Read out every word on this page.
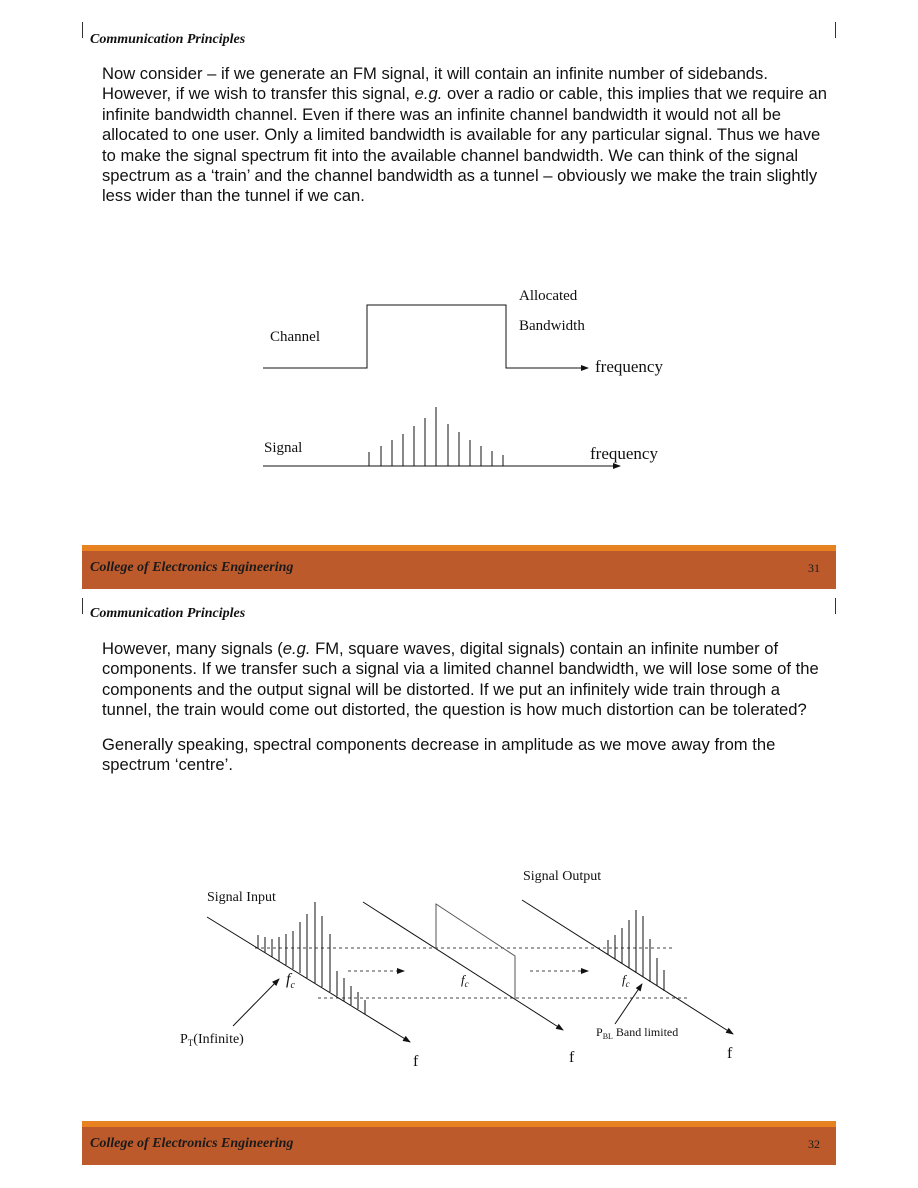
Communication Principles

Now consider – if we generate an FM signal, it will contain an infinite number of sidebands. However, if we wish to transfer this signal, e.g. over a radio or cable, this implies that we require an infinite bandwidth channel. Even if there was an infinite channel bandwidth it would not all be allocated to one user. Only a limited bandwidth is available for any particular signal. Thus we have to make the signal spectrum fit into the available channel bandwidth. We can think of the signal spectrum as a ‘train’ and the channel bandwidth as a tunnel – obviously we make the train slightly less wider than the tunnel if we can.

Allocated
Bandwidth
Channel
frequency
Signal	frequency
College of Electronics Engineering	31
Communication Principles

However, many signals (e.g. FM, square waves, digital signals) contain an infinite number of components. If we transfer such a signal via a limited channel bandwidth, we will lose some of the components and the output signal will be distorted. If we put an infinitely wide train through a tunnel, the train would come out distorted, the question is how much distortion can be tolerated?

Generally speaking, spectral components decrease in amplitude as we move away from the spectrum ‘centre’.

Signal Input
Signal Output
$f_c$	$f_c$	$f_c$
$P_T(Infinite)$	$P_{BL}$ Band limited
f	f	f
College of Electronics Engineering	32
